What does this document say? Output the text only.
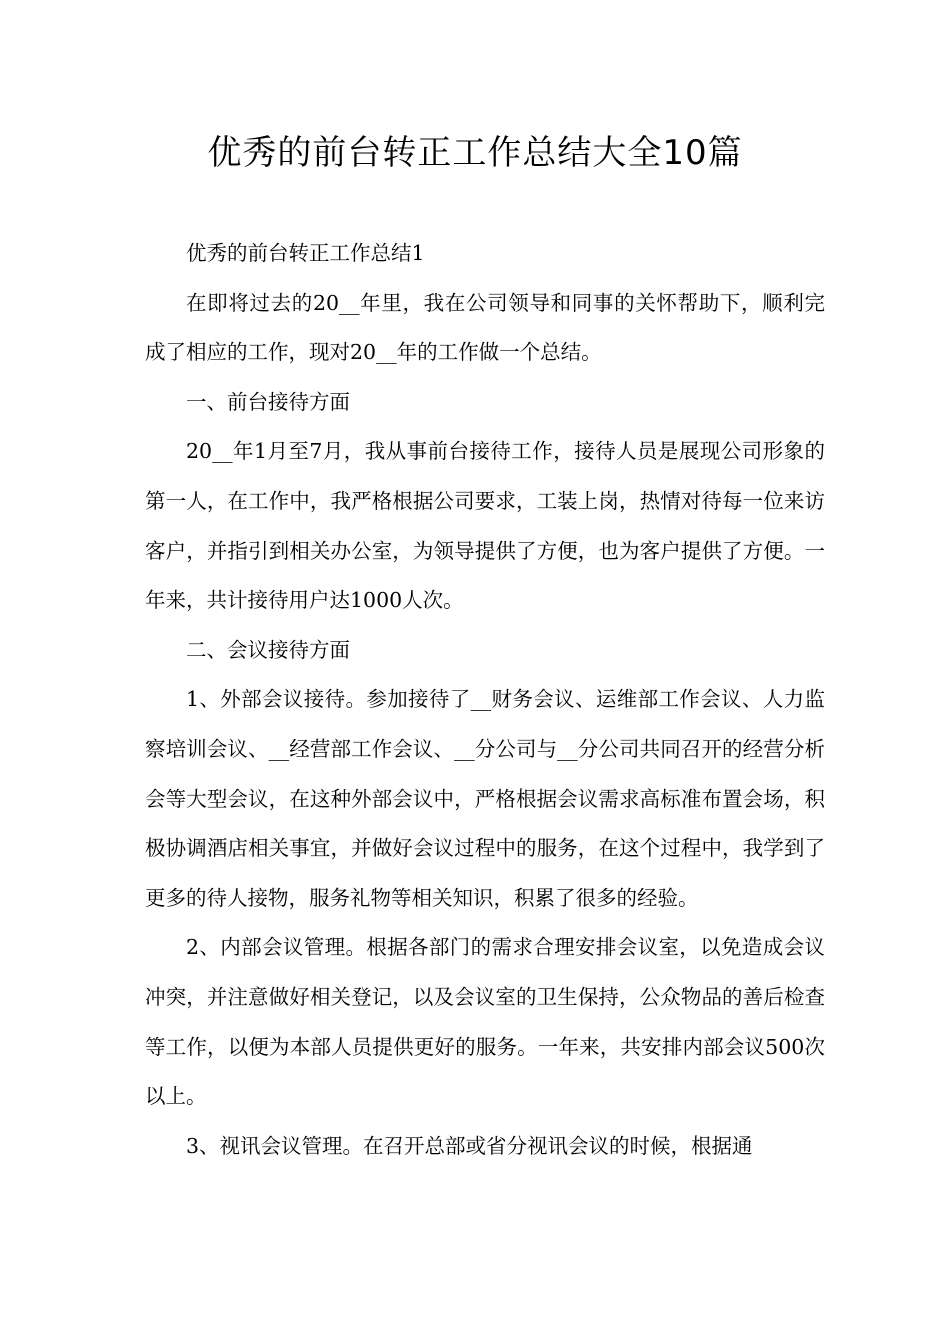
优秀的前台转正工作总结大全10篇

优秀的前台转正工作总结1

在即将过去的20__年里，我在公司领导和同事的关怀帮助下，顺利完成了相应的工作，现对20__年的工作做一个总结。

一、前台接待方面

20__年1月至7月，我从事前台接待工作，接待人员是展现公司形象的第一人，在工作中，我严格根据公司要求，工装上岗，热情对待每一位来访客户，并指引到相关办公室，为领导提供了方便，也为客户提供了方便。一年来，共计接待用户达1000人次。

二、会议接待方面

1、外部会议接待。参加接待了__财务会议、运维部工作会议、人力监察培训会议、__经营部工作会议、__分公司与__分公司共同召开的经营分析会等大型会议，在这种外部会议中，严格根据会议需求高标准布置会场，积极协调酒店相关事宜，并做好会议过程中的服务，在这个过程中，我学到了更多的待人接物，服务礼物等相关知识，积累了很多的经验。

2、内部会议管理。根据各部门的需求合理安排会议室，以免造成会议冲突，并注意做好相关登记，以及会议室的卫生保持，公众物品的善后检查等工作，以便为本部人员提供更好的服务。一年来，共安排内部会议500次以上。

3、视讯会议管理。在召开总部或省分视讯会议的时候，根据通
